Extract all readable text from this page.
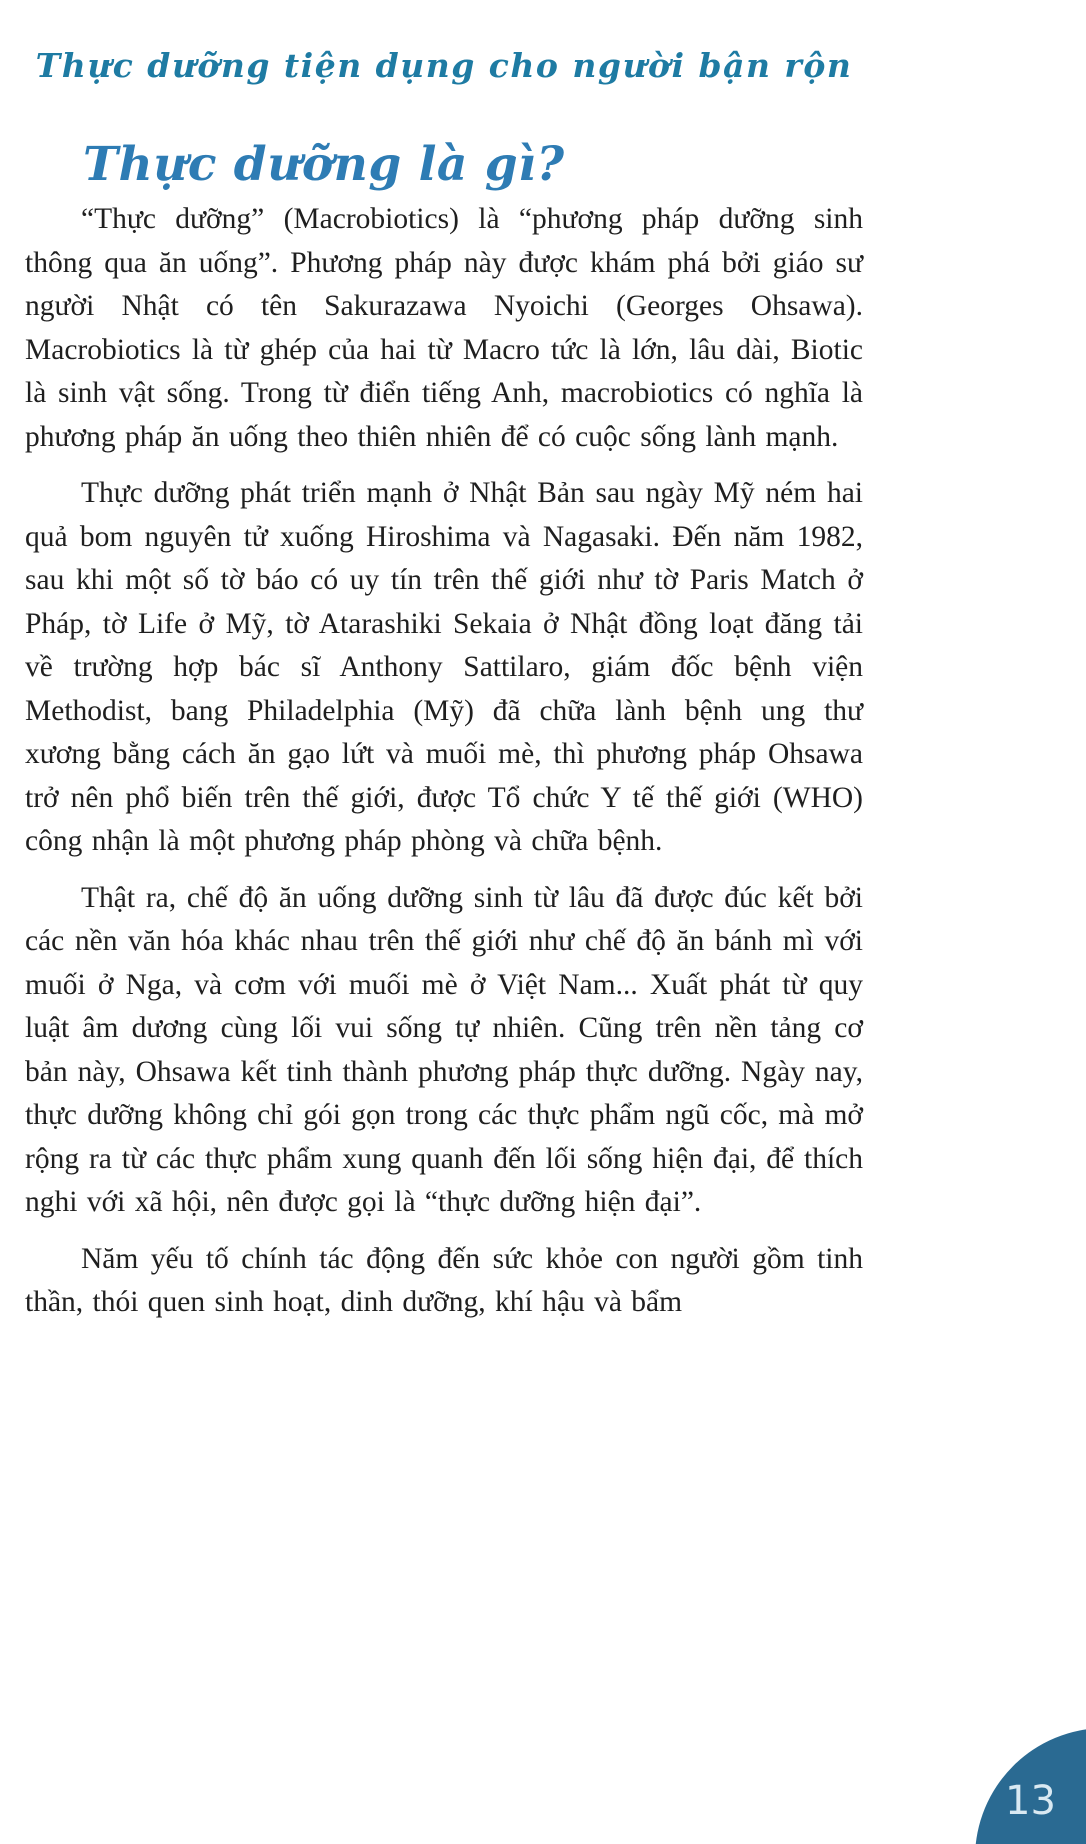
Thực dưỡng tiện dụng cho người bận rộn
Thực dưỡng là gì?

“Thực dưỡng” (Macrobiotics) là “phương pháp dưỡng sinh thông qua ăn uống”. Phương pháp này được khám phá bởi giáo sư người Nhật có tên Sakurazawa Nyoichi (Georges Ohsawa). Macrobiotics là từ ghép của hai từ Macro tức là lớn, lâu dài, Biotic là sinh vật sống. Trong từ điển tiếng Anh, macrobiotics có nghĩa là phương pháp ăn uống theo thiên nhiên để có cuộc sống lành mạnh.

Thực dưỡng phát triển mạnh ở Nhật Bản sau ngày Mỹ ném hai quả bom nguyên tử xuống Hiroshima và Nagasaki. Đến năm 1982, sau khi một số tờ báo có uy tín trên thế giới như tờ Paris Match ở Pháp, tờ Life ở Mỹ, tờ Atarashiki Sekaia ở Nhật đồng loạt đăng tải về trường hợp bác sĩ Anthony Sattilaro, giám đốc bệnh viện Methodist, bang Philadelphia (Mỹ) đã chữa lành bệnh ung thư xương bằng cách ăn gạo lứt và muối mè, thì phương pháp Ohsawa trở nên phổ biến trên thế giới, được Tổ chức Y tế thế giới (WHO) công nhận là một phương pháp phòng và chữa bệnh.

Thật ra, chế độ ăn uống dưỡng sinh từ lâu đã được đúc kết bởi các nền văn hóa khác nhau trên thế giới như chế độ ăn bánh mì với muối ở Nga, và cơm với muối mè ở Việt Nam... Xuất phát từ quy luật âm dương cùng lối vui sống tự nhiên. Cũng trên nền tảng cơ bản này, Ohsawa kết tinh thành phương pháp thực dưỡng. Ngày nay, thực dưỡng không chỉ gói gọn trong các thực phẩm ngũ cốc, mà mở rộng ra từ các thực phẩm xung quanh đến lối sống hiện đại, để thích nghi với xã hội, nên được gọi là “thực dưỡng hiện đại”.

Năm yếu tố chính tác động đến sức khỏe con người gồm tinh thần, thói quen sinh hoạt, dinh dưỡng, khí hậu và bẩm

13
